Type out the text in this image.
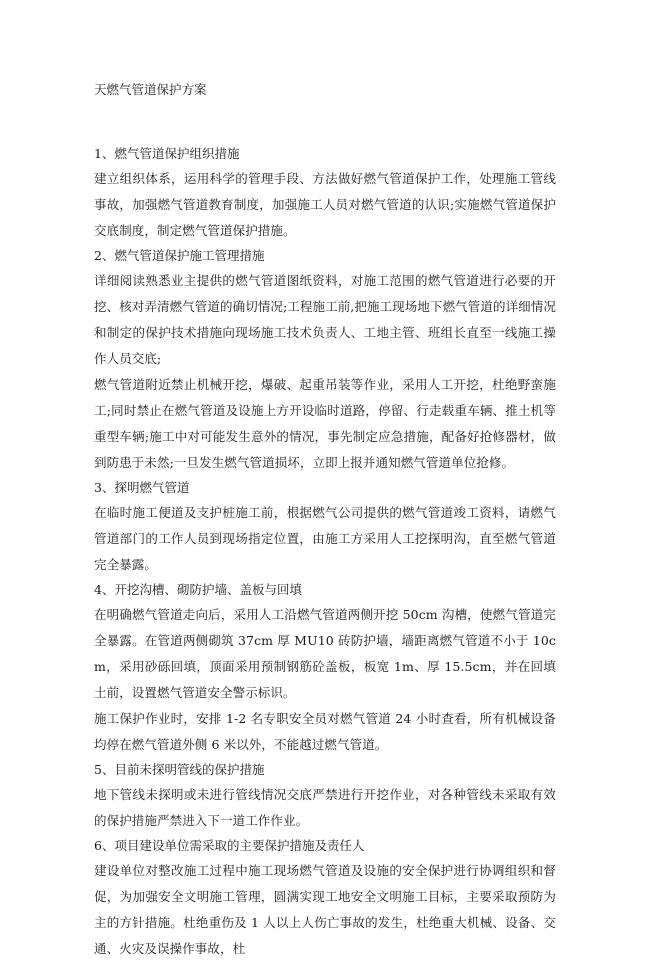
天燃气管道保护方案
1、燃气管道保护组织措施

建立组织体系，运用科学的管理手段、方法做好燃气管道保护工作，处理施工管线事故，加强燃气管道教育制度，加强施工人员对燃气管道的认识;实施燃气管道保护交底制度，制定燃气管道保护措施。

2、燃气管道保护施工管理措施

详细阅读熟悉业主提供的燃气管道图纸资料，对施工范围的燃气管道进行必要的开挖、核对弄清燃气管道的确切情况;工程施工前,把施工现场地下燃气管道的详细情况和制定的保护技术措施向现场施工技术负责人、工地主管、班组长直至一线施工操作人员交底;

燃气管道附近禁止机械开挖，爆破、起重吊装等作业，采用人工开挖，杜绝野蛮施工;同时禁止在燃气管道及设施上方开设临时道路，停留、行走载重车辆、推土机等重型车辆;施工中对可能发生意外的情况，事先制定应急措施，配备好抢修器材，做到防患于未然;一旦发生燃气管道损坏，立即上报并通知燃气管道单位抢修。

3、探明燃气管道

在临时施工便道及支护桩施工前，根据燃气公司提供的燃气管道竣工资料，请燃气管道部门的工作人员到现场指定位置，由施工方采用人工挖探明沟，直至燃气管道完全暴露。

4、开挖沟槽、砌防护墙、盖板与回填

在明确燃气管道走向后，采用人工沿燃气管道两侧开挖 50cm 沟槽，使燃气管道完全暴露。在管道两侧砌筑 37cm 厚 MU10 砖防护墙，墙距离燃气管道不小于 10cm，采用砂砾回填，顶面采用预制钢筋砼盖板，板宽 1m、厚 15.5cm，并在回填土前，设置燃气管道安全警示标识。

施工保护作业时，安排 1-2 名专职安全员对燃气管道 24 小时查看，所有机械设备均停在燃气管道外侧 6 米以外，不能越过燃气管道。

5、目前未探明管线的保护措施

地下管线未探明或未进行管线情况交底严禁进行开挖作业，对各种管线未采取有效的保护措施严禁进入下一道工作作业。

6、项目建设单位需采取的主要保护措施及责任人

建设单位对整改施工过程中施工现场燃气管道及设施的安全保护进行协调组织和督促，为加强安全文明施工管理，圆满实现工地安全文明施工目标，主要采取预防为主的方针措施。杜绝重伤及 1 人以上人伤亡事故的发生，杜绝重大机械、设备、交通、火灾及误操作事故，杜
